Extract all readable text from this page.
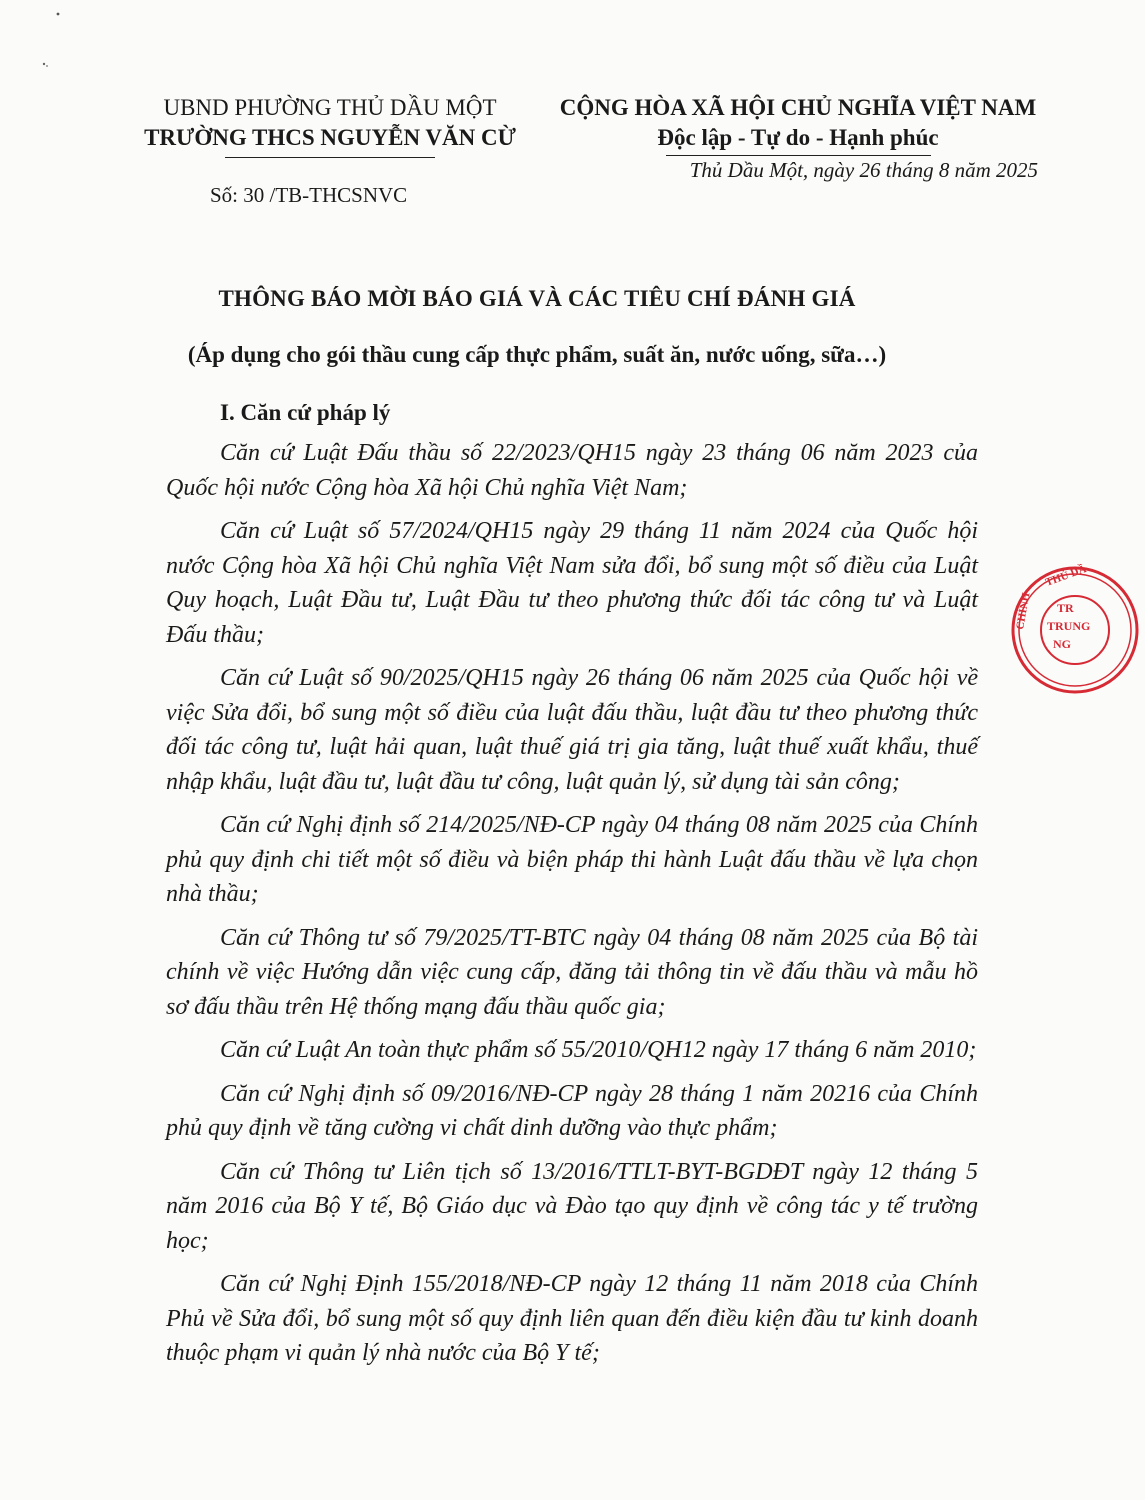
UBND PHƯỜNG THỦ DẦU MỘT
TRƯỜNG THCS NGUYỄN VĂN CỪ
Số: 30 /TB-THCSNVC
CỘNG HÒA XÃ HỘI CHỦ NGHĨA VIỆT NAM
Độc lập - Tự do - Hạnh phúc
Thủ Dầu Một, ngày 26 tháng 8 năm 2025
THÔNG BÁO MỜI BÁO GIÁ VÀ CÁC TIÊU CHÍ ĐÁNH GIÁ
(Áp dụng cho gói thầu cung cấp thực phẩm, suất ăn, nước uống, sữa…)
I. Căn cứ pháp lý

Căn cứ Luật Đấu thầu số 22/2023/QH15 ngày 23 tháng 06 năm 2023 của Quốc hội nước Cộng hòa Xã hội Chủ nghĩa Việt Nam;

Căn cứ Luật số 57/2024/QH15 ngày 29 tháng 11 năm 2024 của Quốc hội nước Cộng hòa Xã hội Chủ nghĩa Việt Nam sửa đổi, bổ sung một số điều của Luật Quy hoạch, Luật Đầu tư, Luật Đầu tư theo phương thức đối tác công tư và Luật Đấu thầu;

Căn cứ Luật số 90/2025/QH15 ngày 26 tháng 06 năm 2025 của Quốc hội về việc Sửa đổi, bổ sung một số điều của luật đấu thầu, luật đầu tư theo phương thức đối tác công tư, luật hải quan, luật thuế giá trị gia tăng, luật thuế xuất khẩu, thuế nhập khẩu, luật đầu tư, luật đầu tư công, luật quản lý, sử dụng tài sản công;

Căn cứ Nghị định số 214/2025/NĐ-CP ngày 04 tháng 08 năm 2025 của Chính phủ quy định chi tiết một số điều và biện pháp thi hành Luật đấu thầu về lựa chọn nhà thầu;

Căn cứ Thông tư số 79/2025/TT-BTC ngày 04 tháng 08 năm 2025 của Bộ tài chính về việc Hướng dẫn việc cung cấp, đăng tải thông tin về đấu thầu và mẫu hồ sơ đấu thầu trên Hệ thống mạng đấu thầu quốc gia;

Căn cứ Luật An toàn thực phẩm số 55/2010/QH12 ngày 17 tháng 6 năm 2010;

Căn cứ Nghị định số 09/2016/NĐ-CP ngày 28 tháng 1 năm 20216 của Chính phủ quy định về tăng cường vi chất dinh dưỡng vào thực phẩm;

Căn cứ Thông tư Liên tịch số 13/2016/TTLT-BYT-BGDĐT ngày 12 tháng 5 năm 2016 của Bộ Y tế, Bộ Giáo dục và Đào tạo quy định về công tác y tế trường học;

Căn cứ Nghị Định 155/2018/NĐ-CP ngày 12 tháng 11 năm 2018 của Chính Phủ về Sửa đổi, bổ sung một số quy định liên quan đến điều kiện đầu tư kinh doanh thuộc phạm vi quản lý nhà nước của Bộ Y tế;

THỦ DẦ
CHÍNH TR
TRUNG
NG
